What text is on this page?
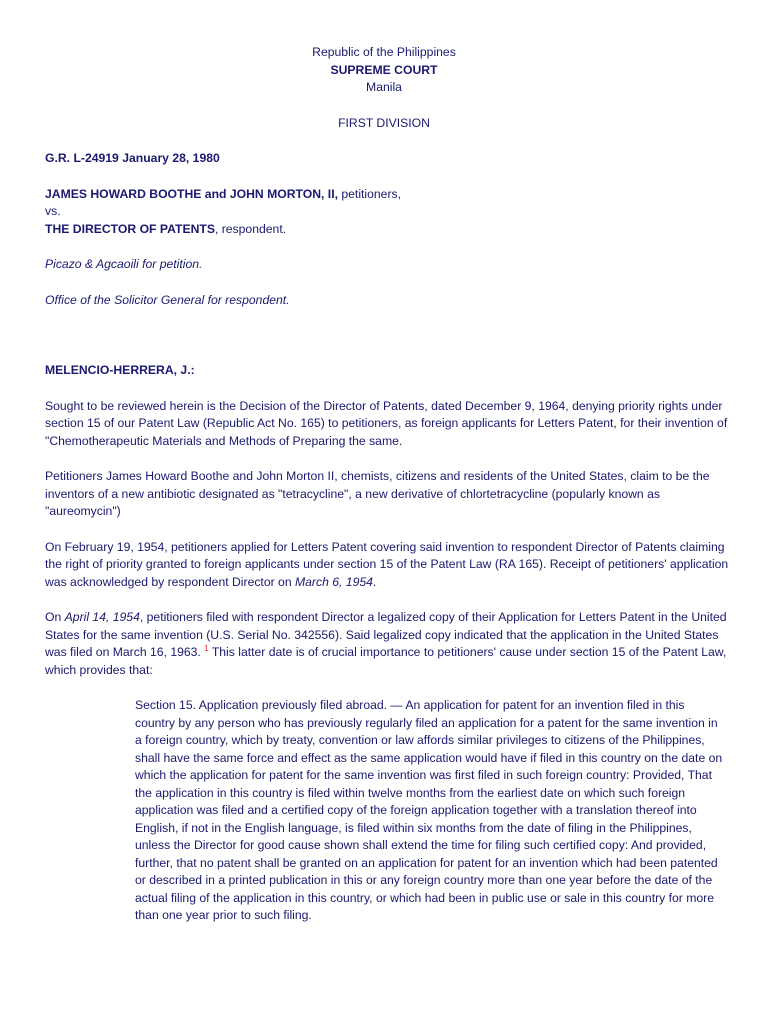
Republic of the Philippines

SUPREME COURT

Manila

FIRST DIVISION

G.R. L-24919 January 28, 1980

JAMES HOWARD BOOTHE and JOHN MORTON, II, petitioners,

vs.

THE DIRECTOR OF PATENTS, respondent.

Picazo & Agcaoili for petition.

Office of the Solicitor General for respondent.

MELENCIO-HERRERA, J.:

Sought to be reviewed herein is the Decision of the Director of Patents, dated December 9, 1964, denying priority rights under section 15 of our Patent Law (Republic Act No. 165) to petitioners, as foreign applicants for Letters Patent, for their invention of "Chemotherapeutic Materials and Methods of Preparing the same.

Petitioners James Howard Boothe and John Morton II, chemists, citizens and residents of the United States, claim to be the inventors of a new antibiotic designated as "tetracycline", a new derivative of chlortetracycline (popularly known as "aureomycin")

On February 19, 1954, petitioners applied for Letters Patent covering said invention to respondent Director of Patents claiming the right of priority granted to foreign applicants under section 15 of the Patent Law (RA 165). Receipt of petitioners' application was acknowledged by respondent Director on March 6, 1954.

On April 14, 1954, petitioners filed with respondent Director a legalized copy of their Application for Letters Patent in the United States for the same invention (U.S. Serial No. 342556). Said legalized copy indicated that the application in the United States was filed on March 16, 1963. $^1$ This latter date is of crucial importance to petitioners' cause under section 15 of the Patent Law, which provides that:

Section 15. Application previously filed abroad. — An application for patent for an invention filed in this country by any person who has previously regularly filed an application for a patent for the same invention in a foreign country, which by treaty, convention or law affords similar privileges to citizens of the Philippines, shall have the same force and effect as the same application would have if filed in this country on the date on which the application for patent for the same invention was first filed in such foreign country: Provided, That the application in this country is filed within twelve months from the earliest date on which such foreign application was filed and a certified copy of the foreign application together with a translation thereof into English, if not in the English language, is filed within six months from the date of filing in the Philippines, unless the Director for good cause shown shall extend the time for filing such certified copy: And provided, further, that no patent shall be granted on an application for patent for an invention which had been patented or described in a printed publication in this or any foreign country more than one year before the date of the actual filing of the application in this country, or which had been in public use or sale in this country for more than one year prior to such filing.
